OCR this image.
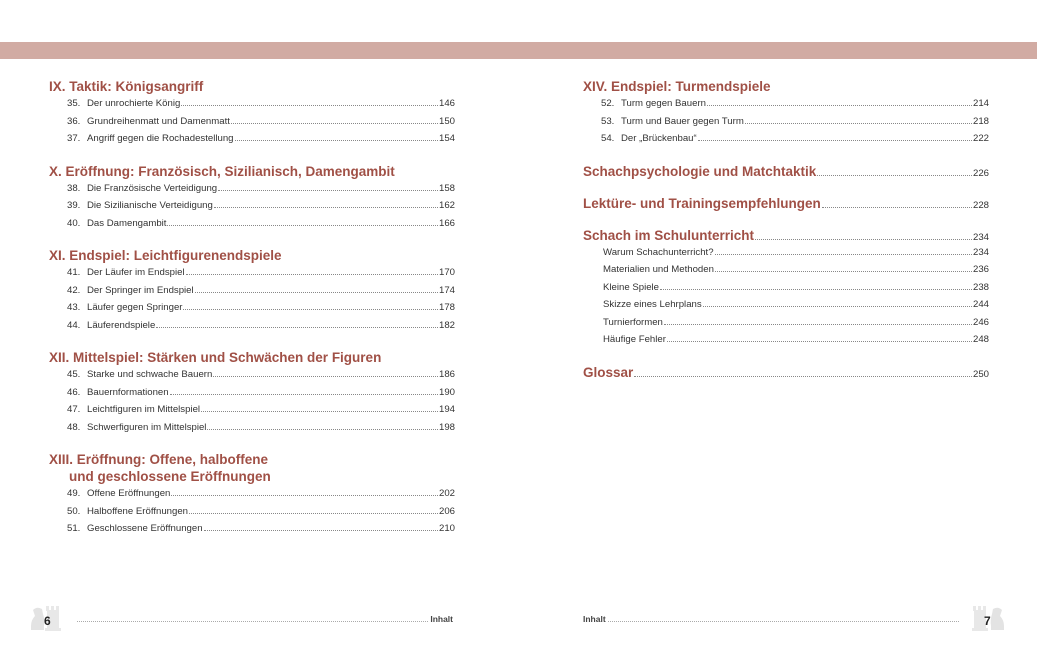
IX. Taktik: Königsangriff
35. Der unrochierte König	146
36. Grundreihenmatt und Damenmatt	150
37. Angriff gegen die Rochadestellung	154
X. Eröffnung: Französisch, Sizilianisch, Damengambit
38. Die Französische Verteidigung	158
39. Die Sizilianische Verteidigung	162
40. Das Damengambit	166
XI. Endspiel: Leichtfigurenendspiele
41. Der Läufer im Endspiel	170
42. Der Springer im Endspiel	174
43. Läufer gegen Springer	178
44. Läuferendspiele	182
XII. Mittelspiel: Stärken und Schwächen der Figuren
45. Starke und schwache Bauern	186
46. Bauernformationen	190
47. Leichtfiguren im Mittelspiel	194
48. Schwerfiguren im Mittelspiel	198
XIII. Eröffnung: Offene, halboffene

und geschlossene Eröffnungen
49. Offene Eröffnungen	202
50. Halboffene Eröffnungen	206
51. Geschlossene Eröffnungen	210
XIV. Endspiel: Turmendspiele
52. Turm gegen Bauern	214
53. Turm und Bauer gegen Turm	218
54. Der „Brückenbau“	222
Schachpsychologie und Matchtaktik	226
Lektüre- und Trainingsempfehlungen	228
Schach im Schulunterricht	234
Warum Schachunterricht?	234
Materialien und Methoden	236
Kleine Spiele	238
Skizze eines Lehrplans	244
Turnierformen	246
Häufige Fehler	248
Glossar	250
6	Inhalt	Inhalt	7
